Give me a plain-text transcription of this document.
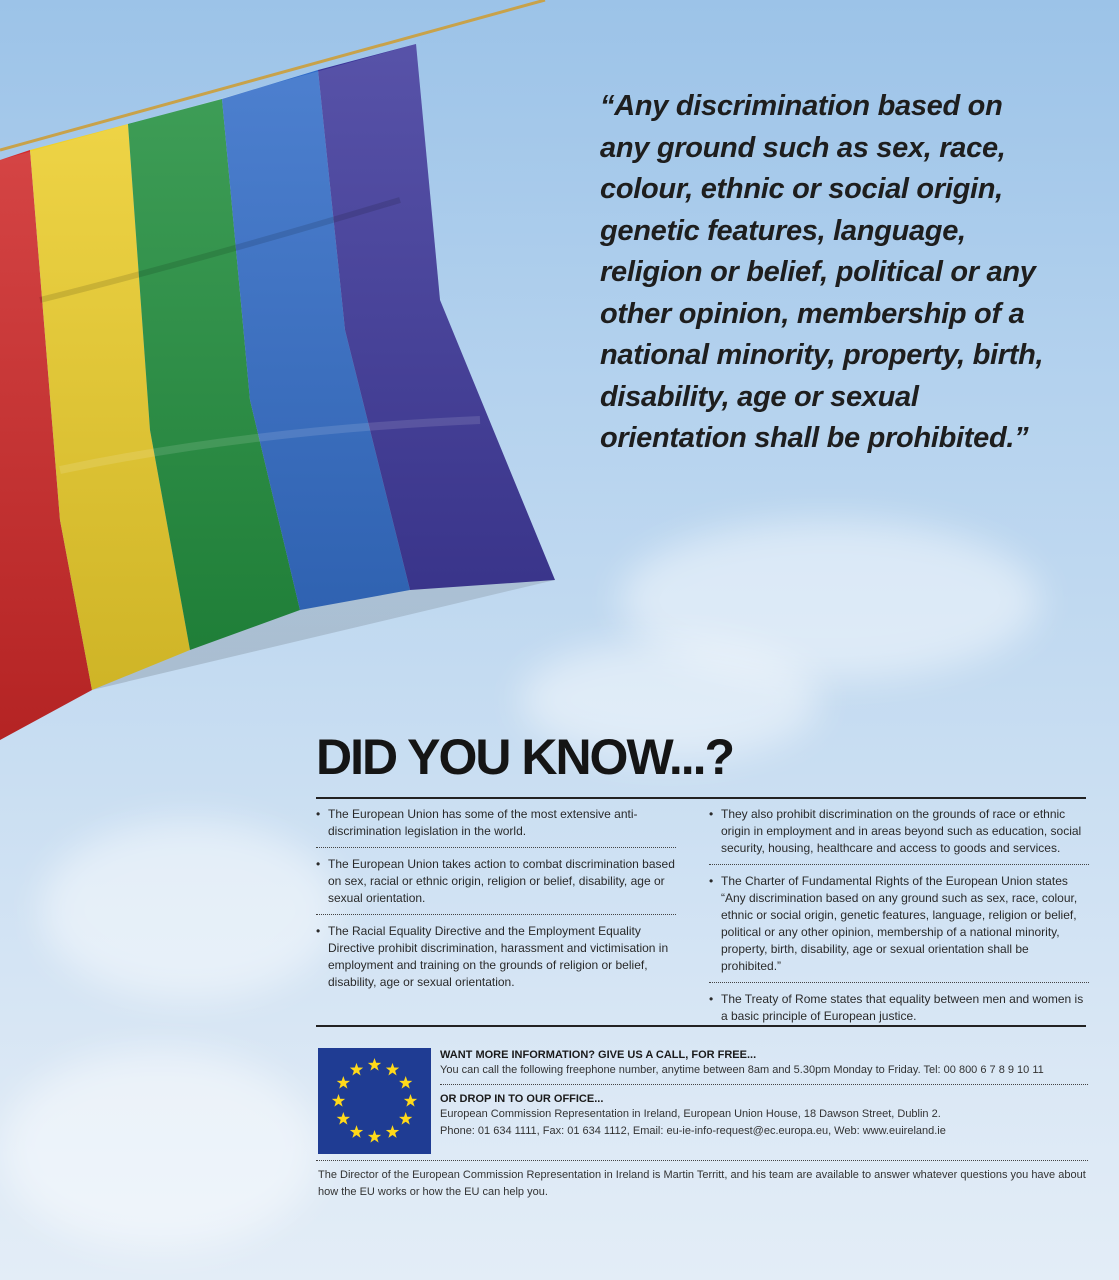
“Any discrimination based on
any ground such as sex, race,
colour, ethnic or social origin,
genetic features, language,
religion or belief, political or any
other opinion, membership of a
national minority, property, birth,
disability, age or sexual
orientation shall be prohibited.”
DID YOU KNOW...?
• The European Union has some of the most extensive anti-discrimination legislation in the world.
• The European Union takes action to combat discrimination based on sex, racial or ethnic origin, religion or belief, disability, age or sexual orientation.
• The Racial Equality Directive and the Employment Equality Directive prohibit discrimination, harassment and victimisation in employment and training on the grounds of religion or belief, disability, age or sexual orientation.
• They also prohibit discrimination on the grounds of race or ethnic origin in employment and in areas beyond such as education, social security, housing, healthcare and access to goods and services.
• The Charter of Fundamental Rights of the European Union states “Any discrimination based on any ground such as sex, race, colour, ethnic or social origin, genetic features, language, religion or belief, political or any other opinion, membership of a national minority, property, birth, disability, age or sexual orientation shall be prohibited.”
• The Treaty of Rome states that equality between men and women is a basic principle of European justice.

WANT MORE INFORMATION? GIVE US A CALL, FOR FREE...

You can call the following freephone number, anytime between 8am and 5.30pm Monday to Friday. Tel: 00 800 6 7 8 9 10 11

OR DROP IN TO OUR OFFICE...

European Commission Representation in Ireland, European Union House, 18 Dawson Street, Dublin 2.

Phone: 01 634 1111, Fax: 01 634 1112, Email: eu-ie-info-request@ec.europa.eu, Web: www.euireland.ie

The Director of the European Commission Representation in Ireland is Martin Territt, and his team are available to answer whatever questions you have about how the EU works or how the EU can help you.
